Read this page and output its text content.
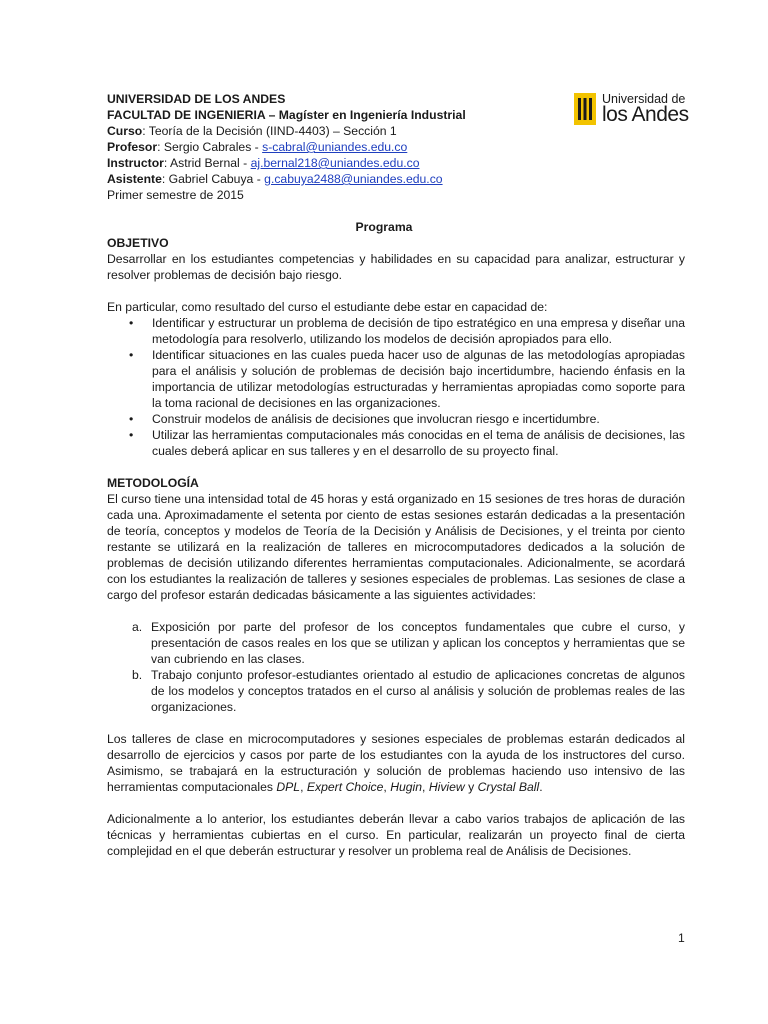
UNIVERSIDAD DE LOS ANDES
FACULTAD DE INGENIERIA – Magíster en Ingeniería Industrial
Curso: Teoría de la Decisión (IIND-4403) – Sección 1
Profesor: Sergio Cabrales - s-cabral@uniandes.edu.co
Instructor: Astrid Bernal - aj.bernal218@uniandes.edu.co
Asistente: Gabriel Cabuya - g.cabuya2488@uniandes.edu.co
Primer semestre de 2015
Universidad de
los Andes
Programa
OBJETIVO

Desarrollar en los estudiantes competencias y habilidades en su capacidad para analizar, estructurar y resolver problemas de decisión bajo riesgo.

En particular, como resultado del curso el estudiante debe estar en capacidad de:

• Identificar y estructurar un problema de decisión de tipo estratégico en una empresa y diseñar una metodología para resolverlo, utilizando los modelos de decisión apropiados para ello.
• Identificar situaciones en las cuales pueda hacer uso de algunas de las metodologías apropiadas para el análisis y solución de problemas de decisión bajo incertidumbre, haciendo énfasis en la importancia de utilizar metodologías estructuradas y herramientas apropiadas como soporte para la toma racional de decisiones en las organizaciones.
• Construir modelos de análisis de decisiones que involucran riesgo e incertidumbre.
• Utilizar las herramientas computacionales más conocidas en el tema de análisis de decisiones, las cuales deberá aplicar en sus talleres y en el desarrollo de su proyecto final.
METODOLOGÍA

El curso tiene una intensidad total de 45 horas y está organizado en 15 sesiones de tres horas de duración cada una. Aproximadamente el setenta por ciento de estas sesiones estarán dedicadas a la presentación de teoría, conceptos y modelos de Teoría de la Decisión y Análisis de Decisiones, y el treinta por ciento restante se utilizará en la realización de talleres en microcomputadores dedicados a la solución de problemas de decisión utilizando diferentes herramientas computacionales. Adicionalmente, se acordará con los estudiantes la realización de talleres y sesiones especiales de problemas. Las sesiones de clase a cargo del profesor estarán dedicadas básicamente a las siguientes actividades:

a. Exposición por parte del profesor de los conceptos fundamentales que cubre el curso, y presentación de casos reales en los que se utilizan y aplican los conceptos y herramientas que se van cubriendo en las clases.
b. Trabajo conjunto profesor-estudiantes orientado al estudio de aplicaciones concretas de algunos de los modelos y conceptos tratados en el curso al análisis y solución de problemas reales de las organizaciones.

Los talleres de clase en microcomputadores y sesiones especiales de problemas estarán dedicados al desarrollo de ejercicios y casos por parte de los estudiantes con la ayuda de los instructores del curso. Asimismo, se trabajará en la estructuración y solución de problemas haciendo uso intensivo de las herramientas computacionales DPL, Expert Choice, Hugin, Hiview y Crystal Ball.

Adicionalmente a lo anterior, los estudiantes deberán llevar a cabo varios trabajos de aplicación de las técnicas y herramientas cubiertas en el curso. En particular, realizarán un proyecto final de cierta complejidad en el que deberán estructurar y resolver un problema real de Análisis de Decisiones.

1
